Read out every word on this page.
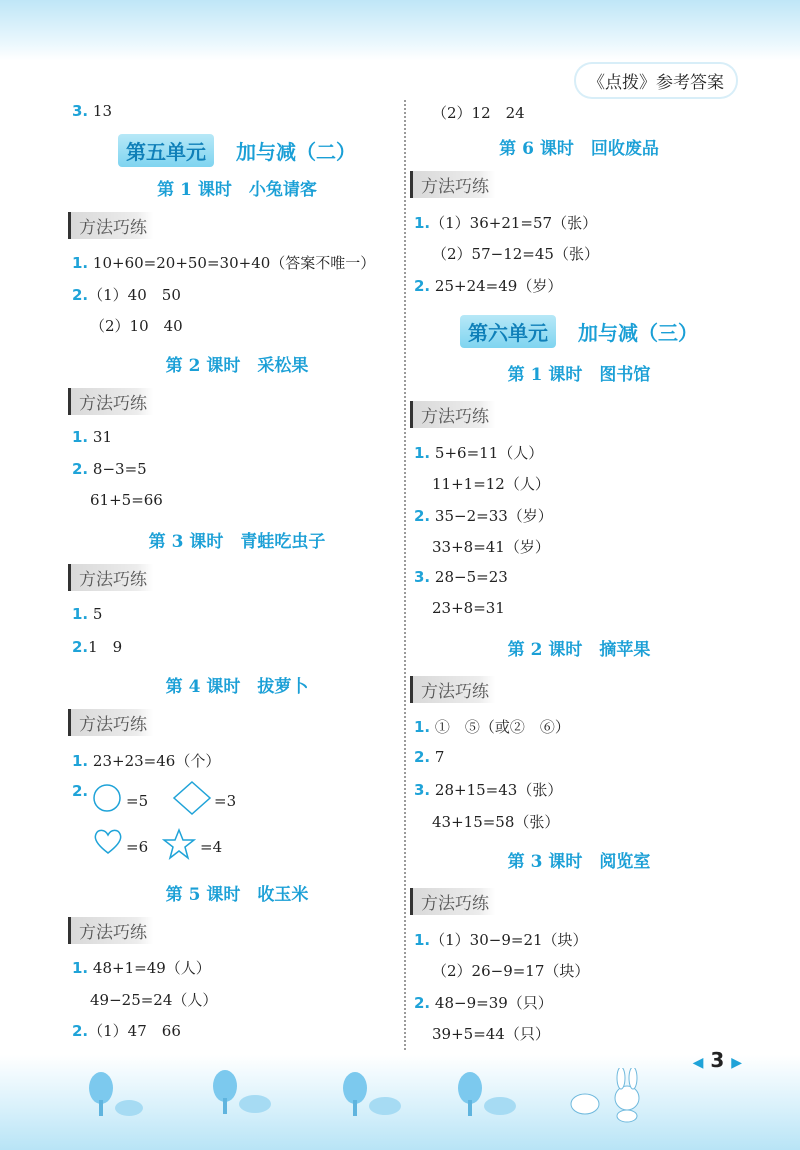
《点拨》参考答案
3. 13
第五单元 加与减（二）
第 1 课时　小兔请客
方法巧练
1. 10+60=20+50=30+40（答案不唯一）
2.（1）40　50
（2）10　40
第 2 课时　采松果
方法巧练
1. 31
2. 8−3=5
61+5=66
第 3 课时　青蛙吃虫子
方法巧练
1. 5
2.1　9
第 4 课时　拔萝卜
方法巧练
1. 23+23=46（个）
2.
=5	=3
=6	=4
第 5 课时　收玉米
方法巧练
1. 48+1=49（人）
49−25=24（人）
2.（1）47　66
（2）12　24
第 6 课时　回收废品
方法巧练
1.（1）36+21=57（张）
（2）57−12=45（张）
2. 25+24=49（岁）
第六单元 加与减（三）
第 1 课时　图书馆
方法巧练
1. 5+6=11（人）
11+1=12（人）
2. 35−2=33（岁）
33+8=41（岁）
3. 28−5=23
23+8=31
第 2 课时　摘苹果
方法巧练
1. ①　⑤（或②　⑥）
2. 7
3. 28+15=43（张）
43+15=58（张）
第 3 课时　阅览室
方法巧练
1.（1）30−9=21（块）
（2）26−9=17（块）
2. 48−9=39（只）
39+5=44（只）
◀ 3 ▶
